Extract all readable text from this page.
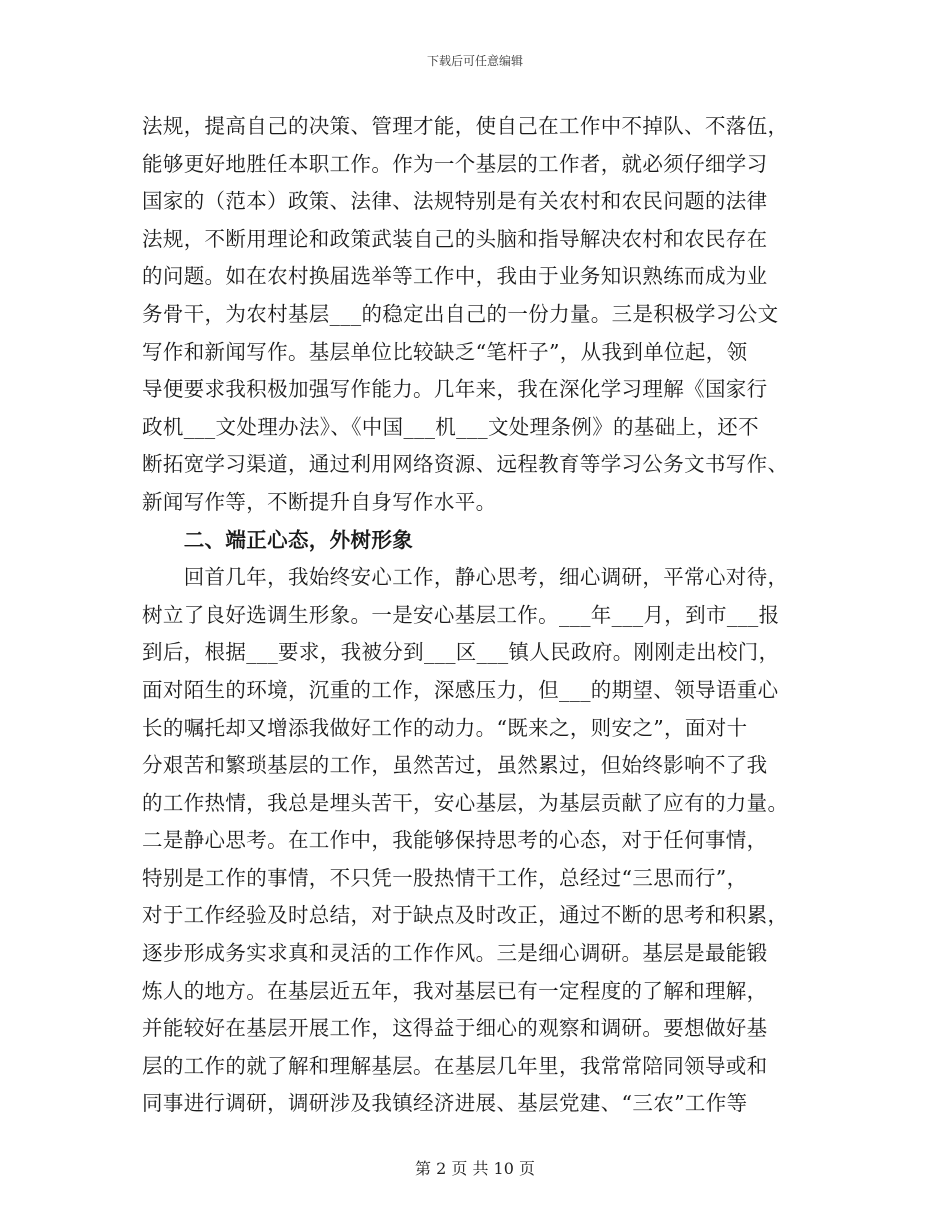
下载后可任意编辑
法规，提高自己的决策、管理才能，使自己在工作中不掉队、不落伍，
能够更好地胜任本职工作。作为一个基层的工作者，就必须仔细学习
国家的（范本）政策、法律、法规特别是有关农村和农民问题的法律
法规，不断用理论和政策武装自己的头脑和指导解决农村和农民存在
的问题。如在农村换届选举等工作中，我由于业务知识熟练而成为业
务骨干，为农村基层___的稳定出自己的一份力量。三是积极学习公文
写作和新闻写作。基层单位比较缺乏“笔杆子”，从我到单位起，领
导便要求我积极加强写作能力。几年来，我在深化学习理解《国家行
政机___文处理办法》、《中国___机___文处理条例》的基础上，还不
断拓宽学习渠道，通过利用网络资源、远程教育等学习公务文书写作、
新闻写作等，不断提升自身写作水平。
　　二、端正心态，外树形象
　　回首几年，我始终安心工作，静心思考，细心调研，平常心对待，
树立了良好选调生形象。一是安心基层工作。___年___月，到市___报
到后，根据___要求，我被分到___区___镇人民政府。刚刚走出校门，
面对陌生的环境，沉重的工作，深感压力，但___的期望、领导语重心
长的嘱托却又增添我做好工作的动力。“既来之，则安之”，面对十
分艰苦和繁琐基层的工作，虽然苦过，虽然累过，但始终影响不了我
的工作热情，我总是埋头苦干，安心基层，为基层贡献了应有的力量。
二是静心思考。在工作中，我能够保持思考的心态，对于任何事情，
特别是工作的事情，不只凭一股热情干工作，总经过“三思而行”，
对于工作经验及时总结，对于缺点及时改正，通过不断的思考和积累，
逐步形成务实求真和灵活的工作作风。三是细心调研。基层是最能锻
炼人的地方。在基层近五年，我对基层已有一定程度的了解和理解，
并能较好在基层开展工作，这得益于细心的观察和调研。要想做好基
层的工作的就了解和理解基层。在基层几年里，我常常陪同领导或和
同事进行调研，调研涉及我镇经济进展、基层党建、“三农”工作等
第 2 页 共 10 页
